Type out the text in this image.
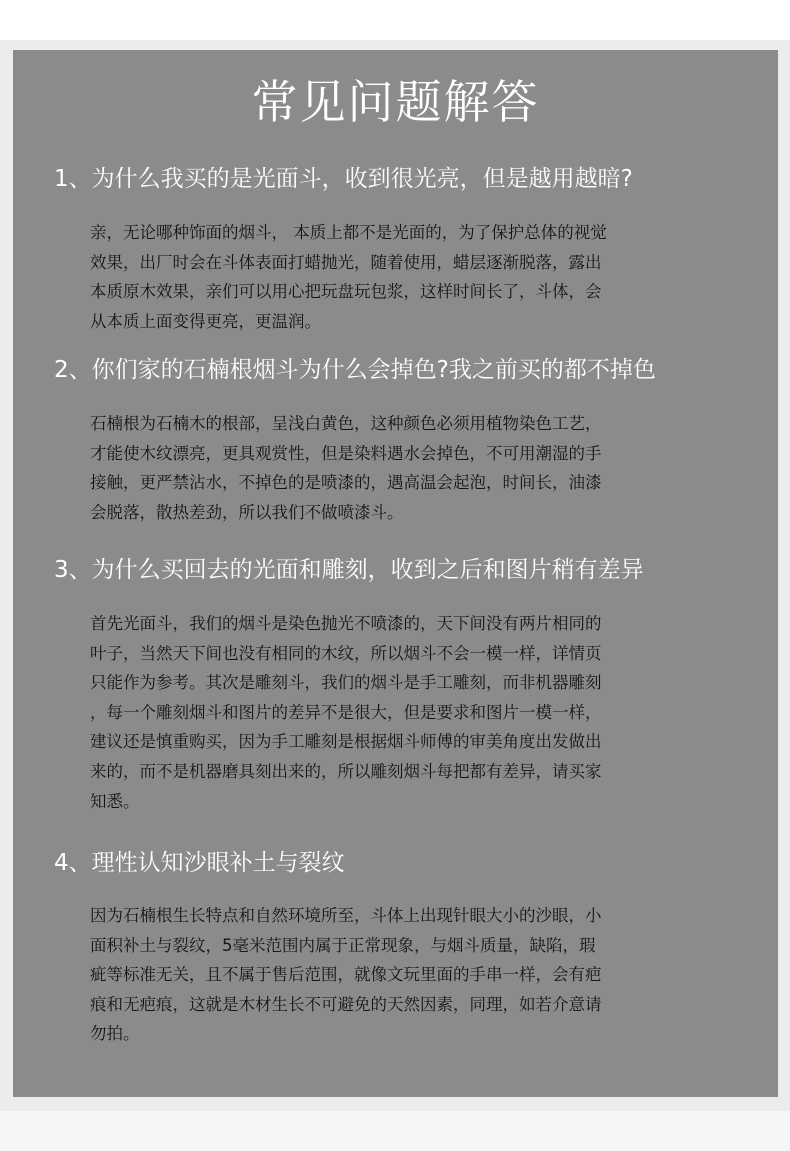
常见问题解答
1、为什么我买的是光面斗，收到很光亮，但是越用越暗?
亲，无论哪种饰面的烟斗， 本质上都不是光面的，为了保护总体的视觉
效果，出厂时会在斗体表面打蜡抛光，随着使用，蜡层逐渐脱落，露出
本质原木效果，亲们可以用心把玩盘玩包浆，这样时间长了，斗体，会
从本质上面变得更亮，更温润。
2、你们家的石楠根烟斗为什么会掉色?我之前买的都不掉色
石楠根为石楠木的根部，呈浅白黄色，这种颜色必须用植物染色工艺，
才能使木纹漂亮，更具观赏性，但是染料遇水会掉色，不可用潮湿的手
接触，更严禁沾水，不掉色的是喷漆的，遇高温会起泡，时间长，油漆
会脱落，散热差劲，所以我们不做喷漆斗。
3、为什么买回去的光面和雕刻，收到之后和图片稍有差异
首先光面斗，我们的烟斗是染色抛光不喷漆的，天下间没有两片相同的
叶子，当然天下间也没有相同的木纹，所以烟斗不会一模一样，详情页
只能作为参考。其次是雕刻斗，我们的烟斗是手工雕刻，而非机器雕刻
，每一个雕刻烟斗和图片的差异不是很大，但是要求和图片一模一样，
建议还是慎重购买，因为手工雕刻是根据烟斗师傅的审美角度出发做出
来的，而不是机器磨具刻出来的，所以雕刻烟斗每把都有差异，请买家
知悉。
4、理性认知沙眼补土与裂纹
因为石楠根生长特点和自然环境所至，斗体上出现针眼大小的沙眼，小
面积补土与裂纹，5毫米范围内属于正常现象，与烟斗质量，缺陷，瑕
疵等标准无关，且不属于售后范围，就像文玩里面的手串一样，会有疤
痕和无疤痕，这就是木材生长不可避免的天然因素，同理，如若介意请
勿拍。
